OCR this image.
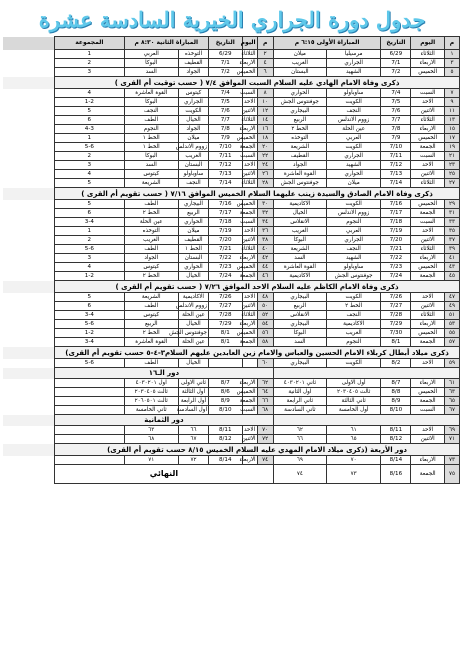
جدول دورة الجراري الخيرية السادسة عشرة
م	اليوم	التاريخ	المباراة الأولى ٦:١٥ م		م	اليوم	التاريخ	المباراة الثانية ٨:٣٠ م		المجموعة	
١	الثلاثاء	6/29	مرسيليا	ميلان	٢	الثلاثاء	6/29	التوخذه	العربي	1	
٣	الاربعاء	7/1	الجراري	الغريب	٤	الاربعاء	7/1	القطيف	البوكا	2	
٥	الخميس	7/2	الشهيد	البستان	٦	الخميس	7/2	الجواد	السد	3	
ذكرى وفاة الامام الهادي عليه السلام السبت الموافق ٧/٤ ( حسب توقيت أم القرى )											
٧	السبت	7/4	ساوباولو	الحواري	٨	السبت	7/4	كيتوس	القوة العاشرة	4	
٩	الاحد	7/5	الكويت	جوفنتوس الجش	١٠	الاحد	7/5	الجراري	البوكا	1-2	
١١	الاثنين	7/6	النجف	البيجاري	١٢	الاثنين	7/6	الكويت	النجف	5	
١٣	الثلاثاء	7/7	زووم الاندلس	الربيع	١٤	الثلاثاء	7/7	الخيال	الطف	6	
١٥	الاربعاء	7/8	عين الحلة	الخط ٢	١٦	الاربعاء	7/8	الجواد	النجوم	4-3	
١٧	الخميس	7/9	العربي	التوخذه	١٨	الخميس	7/9	ميلان	الخط ١	1	
١٩	الجمعة	7/10	الكويت	الشريعة	٢٠	الجمعة	7/10	زووم الاندلس	الخط ١	5-6	
٢١	السبت	7/11	الجراري	القطيف	٢٢	السبت	7/11	الغريب	البوكا	2	
٢٣	الاحد	7/12	الشهيد	الجواد	٢٤	الاحد	7/12	البستان	السد	3	
٢٥	الاثنين	7/13	الحواري	القوة العاشرة	٢٦	الاثنين	7/13	ساوباولو	كيتوس	4	
٢٧	الثلاثاء	7/14	ميلان	جوفنتوس الجش	٢٨	الثلاثاء	7/14	النجف	الشريعة	5	
ذكرى وفاة الامام الصادق والسيدة زينب عليهما السلام الخميس الموافق ٧/١٦ ( حسب تقويم أم القرى )											
٢٩	الخميس	7/16	الكويت	الاكاديمية	٣٠	الخميس	7/16	البيجاري	الطف	5	
٣١	الجمعة	7/17	زووم الاندلس	الخيال	٣٢	الجمعة	7/17	الربيع	الخط ٢	6	
٣٣	السبت	7/18	النجوم	الانقلاس	٣٤	السبت	7/18	الحواري	عين الحلة	3-4	
٣٥	الاحد	7/19	العربي	الغريب	٣٦	الاحد	7/19	ميلان	التوخذه	1	
٣٧	الاثنين	7/20	الجراري	البوكا	٣٨	الاثنين	7/20	القطيف	الغريب	2	
٣٩	الثلاثاء	7/21	النجف	الشريعة	٤٠	الثلاثاء	7/21	الخط ١	الطف	5-6	
٤١	الاربعاء	7/22	الشهيد	السد	٤٢	الاربعاء	7/22	البستان	الجواد	3	
٤٣	الخميس	7/23	ساوباولو	القوة العاشرة	٤٤	الخميس	7/23	الحواري	كيتوس	4	
٤٥	الجمعة	7/24	جوفنتوس الجش	الاكاديمية	٤٦	الجمعة	7/24	الخيال	الخط ٢	1-2	
ذكرى وفاة الامام الكاظم عليه السلام الاحد الموافق ٧/٢٦ ( حسب تقويم أم القرى )											
٤٧	الاحد	7/26	الكويت	البيجاري	٤٨	الاحد	7/26	الاكاديمية	الشريعة	5	
٤٩	الاثنين	7/27	الخط ٢	الربيع	٥٠	الاثنين	7/27	زووم الاندلس	الطف	6	
٥١	الثلاثاء	7/28	النجف	الانقلاس	٥٢	الثلاثاء	7/28	عين الحلة	كيتوس	3-4	
٥٣	الاربعاء	7/29	الاكاديمية	البيجاري	٥٤	الاربعاء	7/29	الخيال	الربيع	5-6	
٥٥	الخميس	7/30	الغريب	البوكا	٥٦	الخميس	8/1	جوفنتوس الجش	الخط ٢	1-2	
٥٧	الجمعة	8/1	النجوم	السد	٥٨	الجمعة	8/1	عين الحلة	القوة العاشرة	3-4	
ذكرى ميلاد أبطال كربلاء الامام الحسين والعباس والامام زين العابدين عليهم السلام٣-٤-٥ حسب تقويم أم القرى)											
٥٩	الاحد	8/2	الكويت	البيجاري	٦٠			الخيال	الطف	5-6	
					دور الـ١٦						
٦١	الاربعاء	8/7	أول الاولى	ثاني ٤٠٣٠٢٠١	٦٢	الاربعاء	8/7	ثاني الاولى	اول ٤٠٣٠٢٠١		
٦٣	الخميس	8/8	ثالث ٢٠٣٠٤٠٥	اول الثانية	٦٤	الخميس	8/6	اول الثالثة	ثالث ٢٠٣٠٤٠٥		
٦٥	الجمعة	8/9	ثاني الثالثة	ثاني الرابعة	٦٦	الجمعة	8/9	أول الرابعة	ثالث ٢٠٦٠٥٠١		
٦٧	السبت	8/10	أول الخامسة	ثاني السادسة	٦٨	السبت	8/10	اول السادسة	ثاني الخامسة		
					دور الثمانية						
٦٩	الاحد	8/11	٦١	٦٢	٧٠	الاحد	8/11	٦٦	٦٣		
٧١	الاثنين	8/12	٦٥	٦٦	٧٢	الاثنين	8/12	٦٧	٦٨		
دور الأربعة (ذكرى ميلاد الامام المهدي عليه السلام الخميس ٨/١٥ حسب تقويم أم القرى)											
٧٣	الاربعاء	8/14	٧٠	٦٩	٧٤	الاربعاء	8/14	٧٢	٧١		
٧٥	الجمعة	8/16	٧٣	٧٤	النهائي						
